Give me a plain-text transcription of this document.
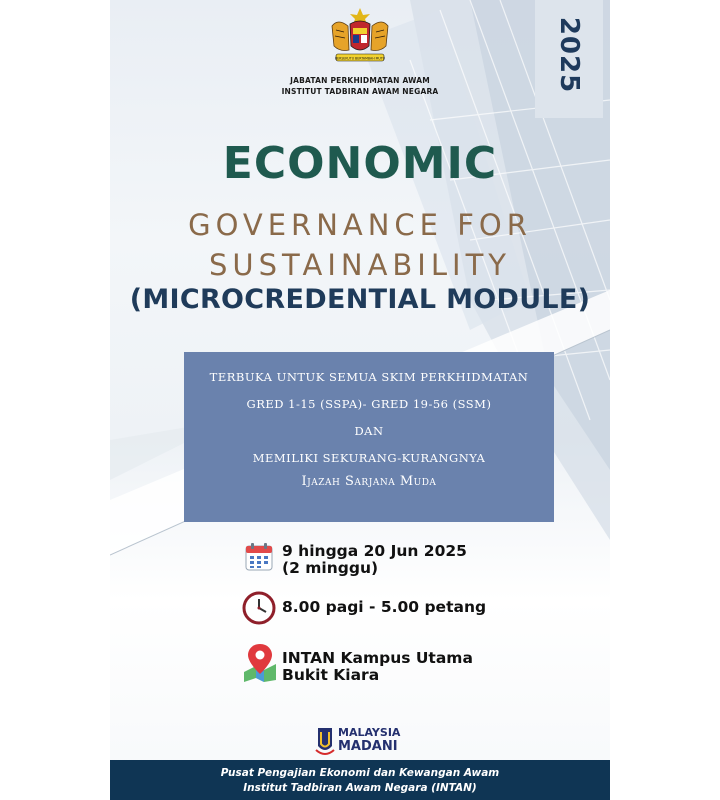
2025
BERSEKUTU BERTAMBAH MUTU
JABATAN PERKHIDMATAN AWAM
INSTITUT TADBIRAN AWAM NEGARA
ECONOMIC
GOVERNANCE FOR
SUSTAINABILITY
(MICROCREDENTIAL MODULE)
TERBUKA UNTUK SEMUA SKIM PERKHIDMATAN
GRED 1-15 (SSPA)- GRED 19-56 (SSM)
DAN
MEMILIKI SEKURANG-KURANGNYA
Ijazah Sarjana Muda
9 hingga 20 Jun 2025
(2 minggu)
8.00 pagi - 5.00 petang
INTAN Kampus Utama
Bukit Kiara
MALAYSIA
MADANI
Pusat Pengajian Ekonomi dan Kewangan Awam
Institut Tadbiran Awam Negara (INTAN)
